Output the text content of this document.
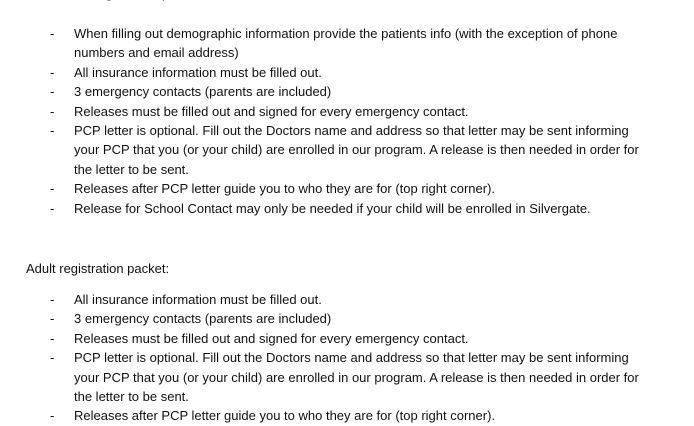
- When filling out demographic information provide the patients info (with the exception of phone numbers and email address)
- All insurance information must be filled out.
- 3 emergency contacts (parents are included)
- Releases must be filled out and signed for every emergency contact.
- PCP letter is optional. Fill out the Doctors name and address so that letter may be sent informing your PCP that you (or your child) are enrolled in our program. A release is then needed in order for the letter to be sent.
- Releases after PCP letter guide you to who they are for (top right corner).
- Release for School Contact may only be needed if your child will be enrolled in Silvergate.

Adult registration packet:

- All insurance information must be filled out.
- 3 emergency contacts (parents are included)
- Releases must be filled out and signed for every emergency contact.
- PCP letter is optional. Fill out the Doctors name and address so that letter may be sent informing your PCP that you (or your child) are enrolled in our program. A release is then needed in order for the letter to be sent.
- Releases after PCP letter guide you to who they are for (top right corner).
